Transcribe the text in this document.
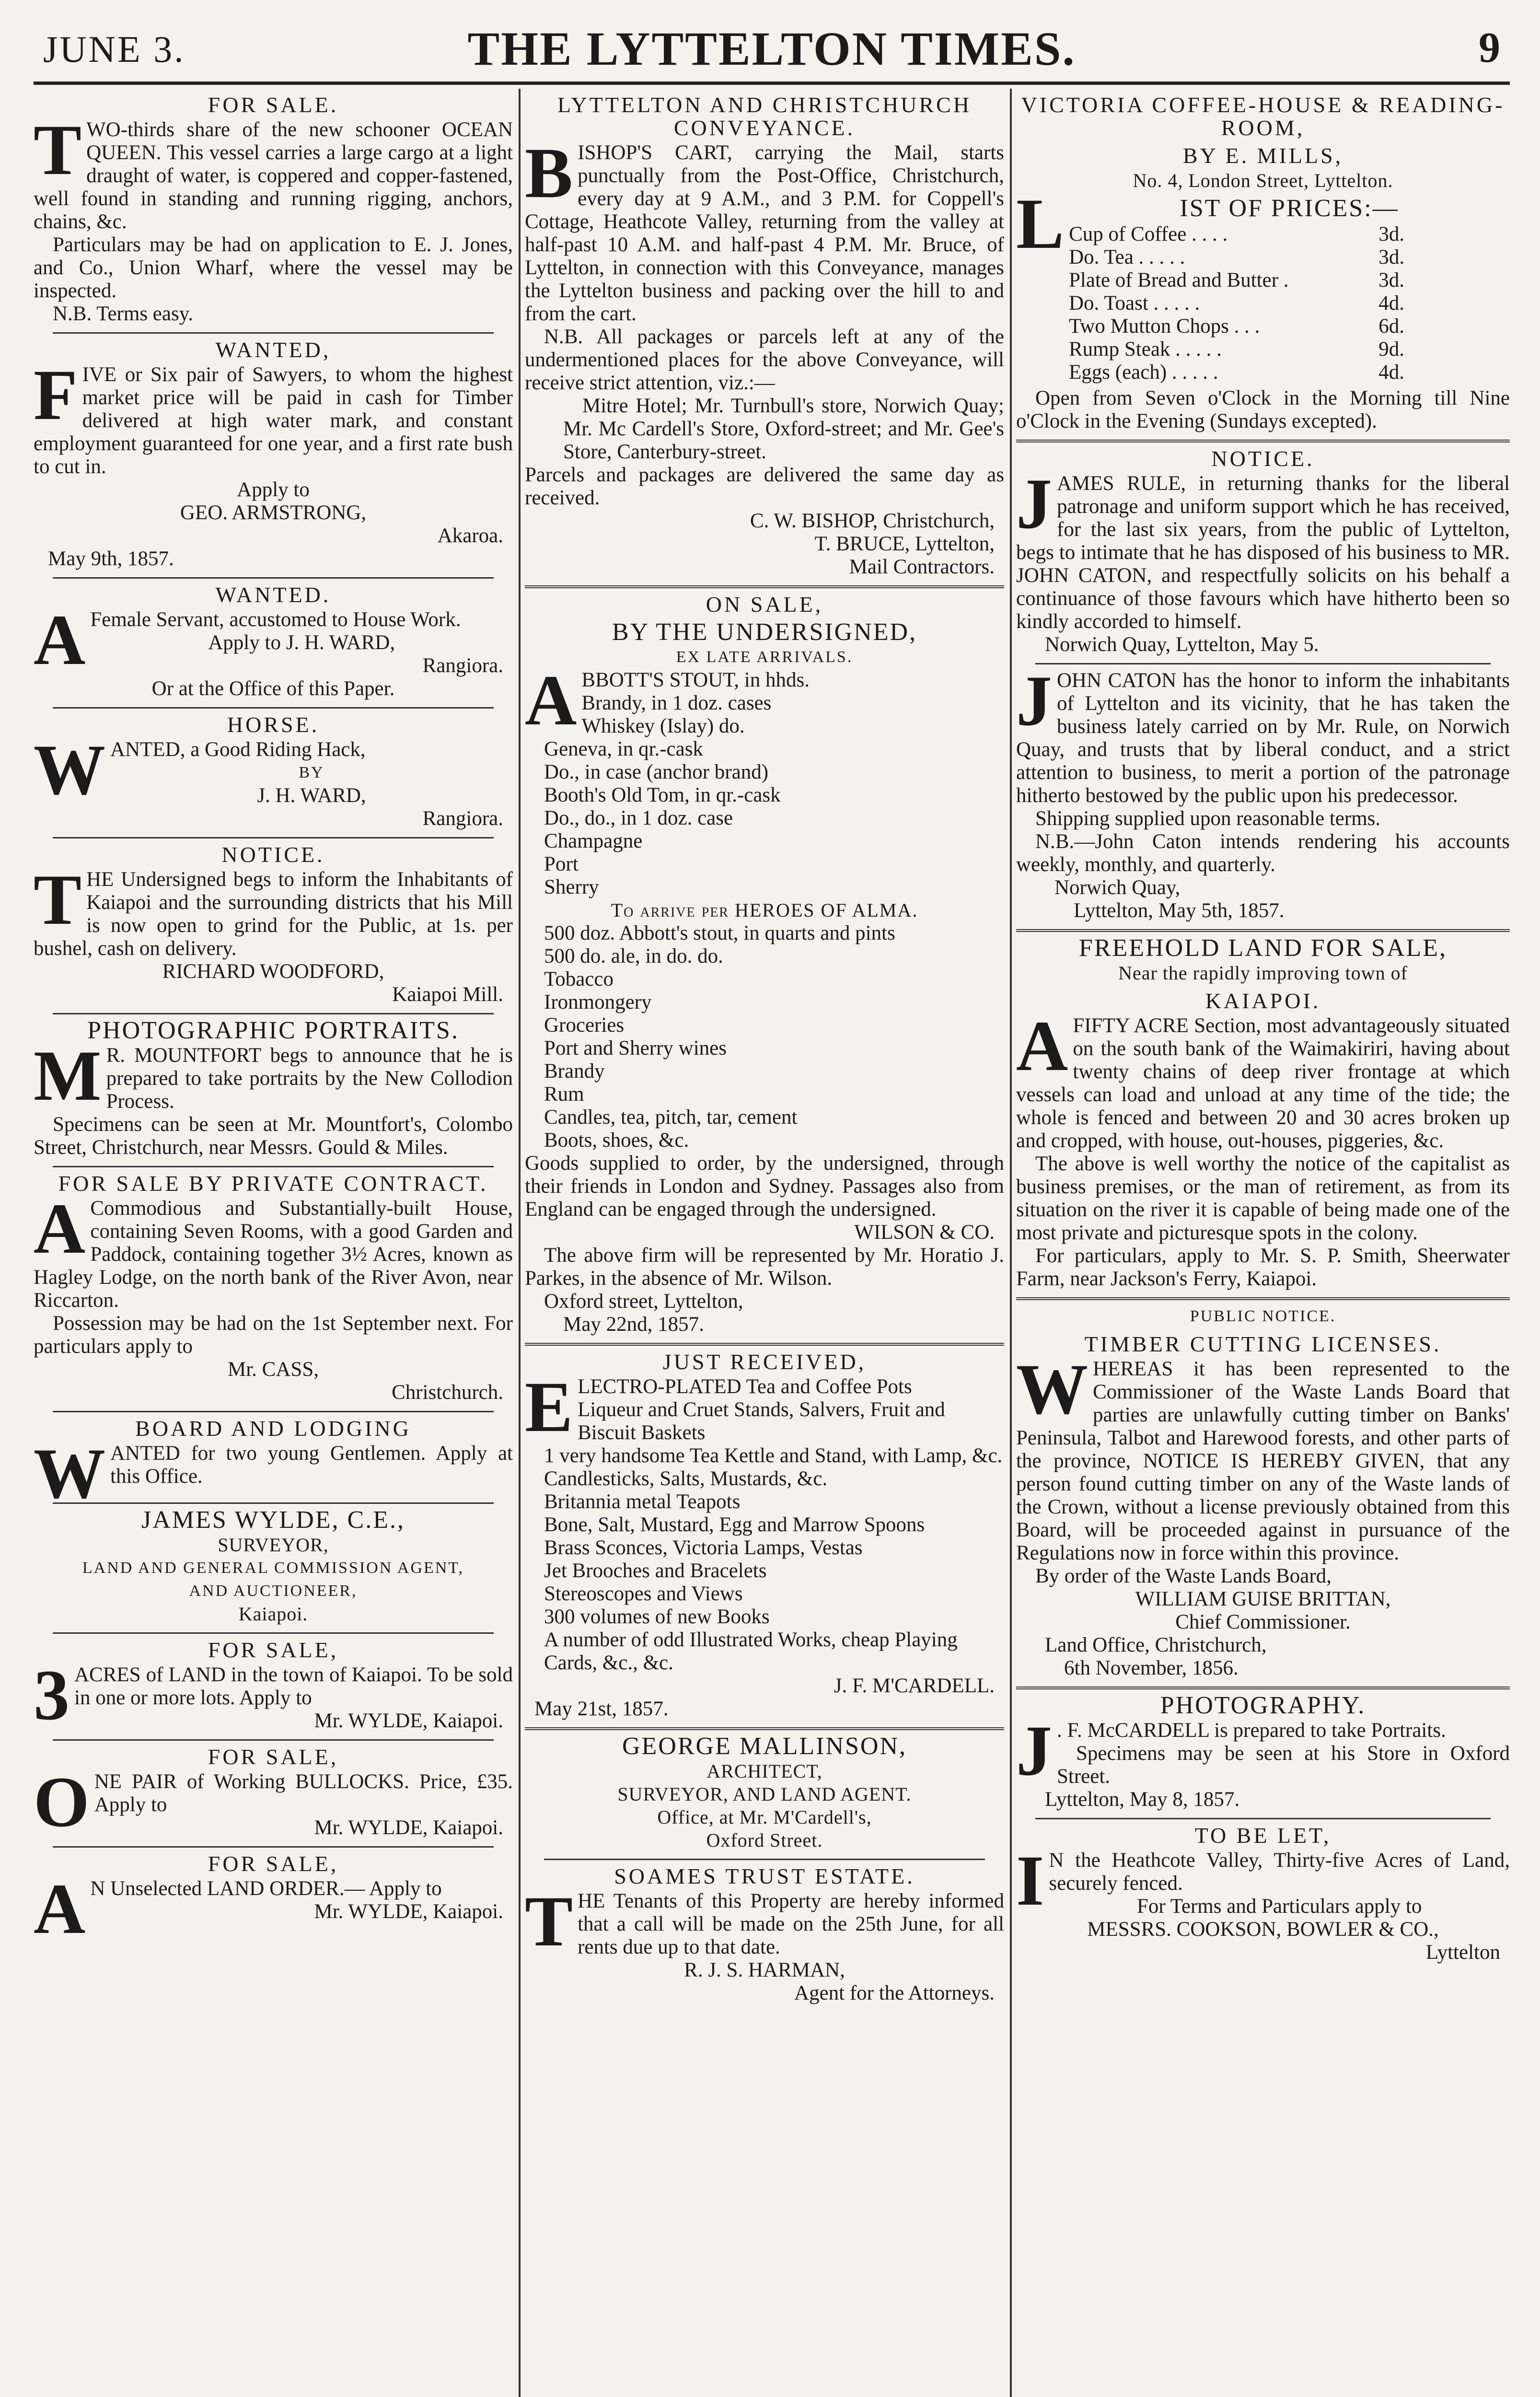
JUNE 3.	THE LYTTELTON TIMES.	9
FOR SALE.
T WO-thirds share of the new schooner OCEAN QUEEN. This vessel carries a large cargo at a light draught of water, is coppered and copper-fastened, well found in standing and running rigging, anchors, chains, &c.

Particulars may be had on application to E. J. Jones, and Co., Union Wharf, where the vessel may be inspected.

N.B. Terms easy.

WANTED,
F IVE or Six pair of Sawyers, to whom the highest market price will be paid in cash for Timber delivered at high water mark, and constant employment guaranteed for one year, and a first rate bush to cut in.

Apply to
GEO. ARMSTRONG,
Akaroa.
May 9th, 1857.
WANTED.
A Female Servant, accustomed to House Work.

Apply to J. H. WARD,
Rangiora.
Or at the Office of this Paper.
HORSE.
W ANTED, a Good Riding Hack,

BY
J. H. WARD,
Rangiora.
NOTICE.
T HE Undersigned begs to inform the Inhabitants of Kaiapoi and the surrounding districts that his Mill is now open to grind for the Public, at 1s. per bushel, cash on delivery.

RICHARD WOODFORD,
Kaiapoi Mill.
PHOTOGRAPHIC PORTRAITS.
M R. MOUNTFORT begs to announce that he is prepared to take portraits by the New Collodion Process.

Specimens can be seen at Mr. Mountfort's, Colombo Street, Christchurch, near Messrs. Gould & Miles.

FOR SALE BY PRIVATE CONTRACT.
A Commodious and Substantially-built House, containing Seven Rooms, with a good Garden and Paddock, containing together 3½ Acres, known as Hagley Lodge, on the north bank of the River Avon, near Riccarton.

Possession may be had on the 1st September next. For particulars apply to

Mr. CASS,
Christchurch.
BOARD AND LODGING
W ANTED for two young Gentlemen. Apply at this Office.

JAMES WYLDE, C.E.,
SURVEYOR,
LAND AND GENERAL COMMISSION AGENT,
AND AUCTIONEER,
Kaiapoi.
FOR SALE,
3 ACRES of LAND in the town of Kaiapoi. To be sold in one or more lots. Apply to

Mr. WYLDE, Kaiapoi.
FOR SALE,
O NE PAIR of Working BULLOCKS. Price, £35. Apply to

Mr. WYLDE, Kaiapoi.
FOR SALE,
A N Unselected LAND ORDER.— Apply to

Mr. WYLDE, Kaiapoi.
LYTTELTON AND CHRISTCHURCH CONVEYANCE.
B ISHOP'S CART, carrying the Mail, starts punctually from the Post-Office, Christchurch, every day at 9 A.M., and 3 P.M. for Coppell's Cottage, Heathcote Valley, returning from the valley at half-past 10 A.M. and half-past 4 P.M. Mr. Bruce, of Lyttelton, in connection with this Conveyance, manages the Lyttelton business and packing over the hill to and from the cart.

N.B. All packages or parcels left at any of the undermentioned places for the above Conveyance, will receive strict attention, viz.:—

Mitre Hotel; Mr. Turnbull's store, Norwich Quay; Mr. Mc Cardell's Store, Oxford-street; and Mr. Gee's Store, Canterbury-street.

Parcels and packages are delivered the same day as received.

C. W. BISHOP, Christchurch,
T. BRUCE, Lyttelton,
Mail Contractors.
ON SALE,
BY THE UNDERSIGNED,
EX LATE ARRIVALS.
A BBOTT'S STOUT, in hhds.
Brandy, in 1 doz. cases
Whiskey (Islay) do.
Geneva, in qr.-cask
Do., in case (anchor brand)
Booth's Old Tom, in qr.-cask
Do., do., in 1 doz. case
Champagne
Port
Sherry
To arrive per HEROES OF ALMA.
500 doz. Abbott's stout, in quarts and pints
500 do. ale, in do. do.
Tobacco
Ironmongery
Groceries
Port and Sherry wines
Brandy
Rum
Candles, tea, pitch, tar, cement
Boots, shoes, &c.

Goods supplied to order, by the undersigned, through their friends in London and Sydney. Passages also from England can be engaged through the undersigned.

WILSON & CO.

The above firm will be represented by Mr. Horatio J. Parkes, in the absence of Mr. Wilson.

Oxford street, Lyttelton,
May 22nd, 1857.
JUST RECEIVED,
E LECTRO-PLATED Tea and Coffee Pots
Liqueur and Cruet Stands, Salvers, Fruit and Biscuit Baskets
1 very handsome Tea Kettle and Stand, with Lamp, &c.
Candlesticks, Salts, Mustards, &c.
Britannia metal Teapots
Bone, Salt, Mustard, Egg and Marrow Spoons
Brass Sconces, Victoria Lamps, Vestas
Jet Brooches and Bracelets
Stereoscopes and Views
300 volumes of new Books
A number of odd Illustrated Works, cheap Playing Cards, &c., &c.
J. F. M'CARDELL.
May 21st, 1857.
GEORGE MALLINSON,
ARCHITECT,
SURVEYOR, AND LAND AGENT.
Office, at Mr. M'Cardell's,
Oxford Street.
SOAMES TRUST ESTATE.
T HE Tenants of this Property are hereby informed that a call will be made on the 25th June, for all rents due up to that date.

R. J. S. HARMAN,
Agent for the Attorneys.
VICTORIA COFFEE-HOUSE & READING-ROOM,
BY E. MILLS,
No. 4, London Street, Lyttelton.
L	IST OF PRICES:—
Cup of Coffee . . . .	3d.
Do. Tea . . . . .	3d.
Plate of Bread and Butter .	3d.
Do. Toast . . . . .	4d.
Two Mutton Chops . . .	6d.
Rump Steak . . . . .	9d.
Eggs (each) . . . . .	4d.

Open from Seven o'Clock in the Morning till Nine o'Clock in the Evening (Sundays excepted).

NOTICE.
J AMES RULE, in returning thanks for the liberal patronage and uniform support which he has received, for the last six years, from the public of Lyttelton, begs to intimate that he has disposed of his business to MR. JOHN CATON, and respectfully solicits on his behalf a continuance of those favours which have hitherto been so kindly accorded to himself.

Norwich Quay, Lyttelton, May 5.
J OHN CATON has the honor to inform the inhabitants of Lyttelton and its vicinity, that he has taken the business lately carried on by Mr. Rule, on Norwich Quay, and trusts that by liberal conduct, and a strict attention to business, to merit a portion of the patronage hitherto bestowed by the public upon his predecessor.

Shipping supplied upon reasonable terms.

N.B.—John Caton intends rendering his accounts weekly, monthly, and quarterly.

Norwich Quay,
Lyttelton, May 5th, 1857.
FREEHOLD LAND FOR SALE,
Near the rapidly improving town of
KAIAPOI.
A FIFTY ACRE Section, most advantageously situated on the south bank of the Waimakiriri, having about twenty chains of deep river frontage at which vessels can load and unload at any time of the tide; the whole is fenced and between 20 and 30 acres broken up and cropped, with house, out-houses, piggeries, &c.

The above is well worthy the notice of the capitalist as business premises, or the man of retirement, as from its situation on the river it is capable of being made one of the most private and picturesque spots in the colony.

For particulars, apply to Mr. S. P. Smith, Sheerwater Farm, near Jackson's Ferry, Kaiapoi.

PUBLIC NOTICE.
TIMBER CUTTING LICENSES.
W HEREAS it has been represented to the Commissioner of the Waste Lands Board that parties are unlawfully cutting timber on Banks' Peninsula, Talbot and Harewood forests, and other parts of the province, NOTICE IS HEREBY GIVEN, that any person found cutting timber on any of the Waste lands of the Crown, without a license previously obtained from this Board, will be proceeded against in pursuance of the Regulations now in force within this province.

By order of the Waste Lands Board,

WILLIAM GUISE BRITTAN,
Chief Commissioner.
Land Office, Christchurch,
6th November, 1856.
PHOTOGRAPHY.
J . F. McCARDELL is prepared to take Portraits.

Specimens may be seen at his Store in Oxford Street.

Lyttelton, May 8, 1857.
TO BE LET,
I N the Heathcote Valley, Thirty-five Acres of Land, securely fenced.

For Terms and Particulars apply to
MESSRS. COOKSON, BOWLER & CO.,
Lyttelton
